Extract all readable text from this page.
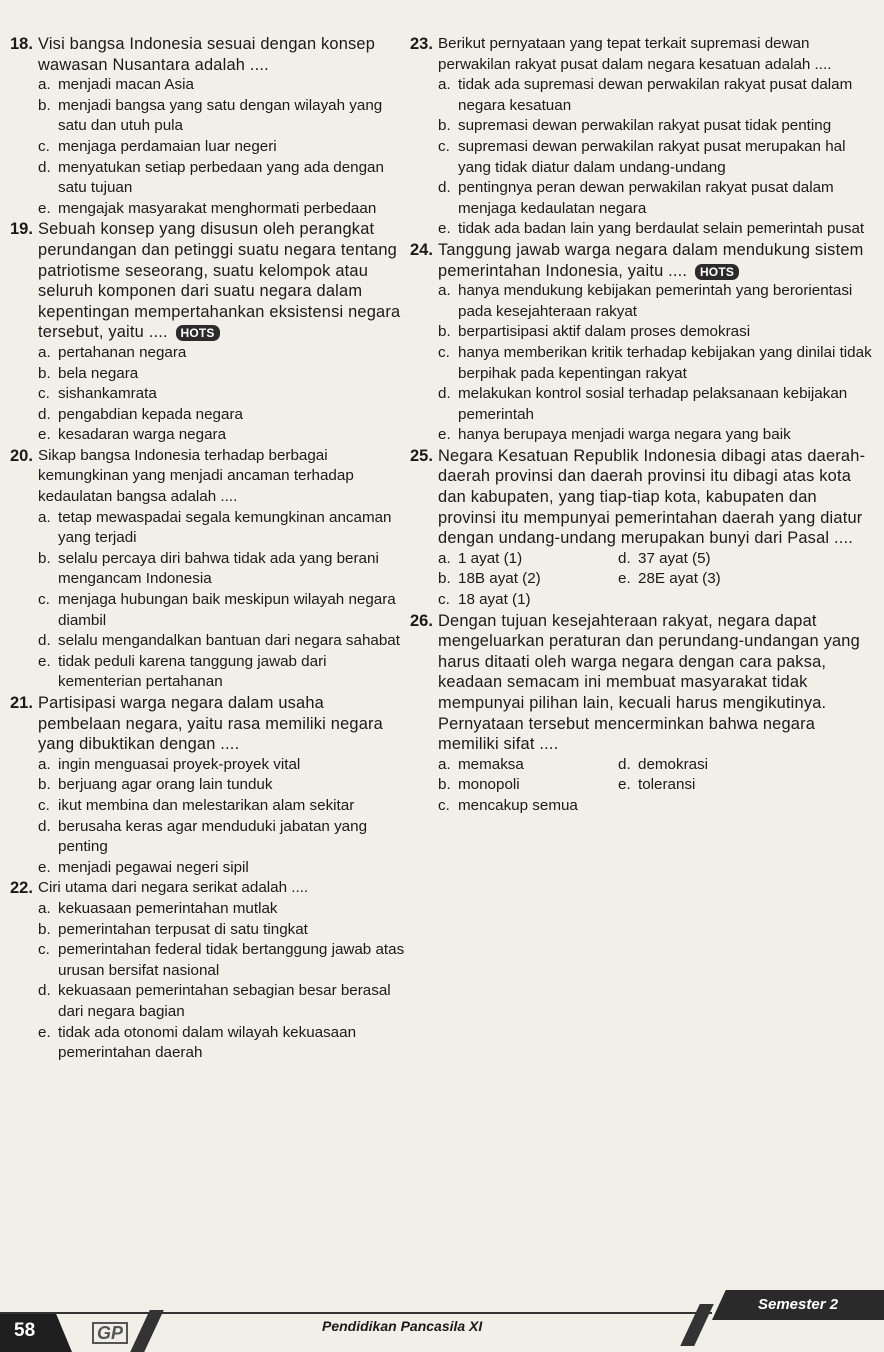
18. Visi bangsa Indonesia sesuai dengan konsep wawasan Nusantara adalah ....
a. menjadi macan Asia
b. menjadi bangsa yang satu dengan wilayah yang satu dan utuh pula
c. menjaga perdamaian luar negeri
d. menyatukan setiap perbedaan yang ada dengan satu tujuan
e. mengajak masyarakat menghormati perbedaan
19. Sebuah konsep yang disusun oleh perangkat perundangan dan petinggi suatu negara tentang patriotisme seseorang, suatu kelompok atau seluruh komponen dari suatu negara dalam kepentingan mempertahankan eksistensi negara tersebut, yaitu .... HOTS
a. pertahanan negara
b. bela negara
c. sishankamrata
d. pengabdian kepada negara
e. kesadaran warga negara
20. Sikap bangsa Indonesia terhadap berbagai kemungkinan yang menjadi ancaman terhadap kedaulatan bangsa adalah ....
a. tetap mewaspadai segala kemungkinan ancaman yang terjadi
b. selalu percaya diri bahwa tidak ada yang berani mengancam Indonesia
c. menjaga hubungan baik meskipun wilayah negara diambil
d. selalu mengandalkan bantuan dari negara sahabat
e. tidak peduli karena tanggung jawab dari kementerian pertahanan
21. Partisipasi warga negara dalam usaha pembelaan negara, yaitu rasa memiliki negara yang dibuktikan dengan ....
a. ingin menguasai proyek-proyek vital
b. berjuang agar orang lain tunduk
c. ikut membina dan melestarikan alam sekitar
d. berusaha keras agar menduduki jabatan yang penting
e. menjadi pegawai negeri sipil
22. Ciri utama dari negara serikat adalah ....
a. kekuasaan pemerintahan mutlak
b. pemerintahan terpusat di satu tingkat
c. pemerintahan federal tidak bertanggung jawab atas urusan bersifat nasional
d. kekuasaan pemerintahan sebagian besar berasal dari negara bagian
e. tidak ada otonomi dalam wilayah kekuasaan pemerintahan daerah
23. Berikut pernyataan yang tepat terkait supremasi dewan perwakilan rakyat pusat dalam negara kesatuan adalah ....
a. tidak ada supremasi dewan perwakilan rakyat pusat dalam negara kesatuan
b. supremasi dewan perwakilan rakyat pusat tidak penting
c. supremasi dewan perwakilan rakyat pusat merupakan hal yang tidak diatur dalam undang-undang
d. pentingnya peran dewan perwakilan rakyat pusat dalam menjaga kedaulatan negara
e. tidak ada badan lain yang berdaulat selain pemerintah pusat
24. Tanggung jawab warga negara dalam mendukung sistem pemerintahan Indonesia, yaitu .... HOTS
a. hanya mendukung kebijakan pemerintah yang berorientasi pada kesejahteraan rakyat
b. berpartisipasi aktif dalam proses demokrasi
c. hanya memberikan kritik terhadap kebijakan yang dinilai tidak berpihak pada kepentingan rakyat
d. melakukan kontrol sosial terhadap pelaksanaan kebijakan pemerintah
e. hanya berupaya menjadi warga negara yang baik
25. Negara Kesatuan Republik Indonesia dibagi atas daerah-daerah provinsi dan daerah provinsi itu dibagi atas kota dan kabupaten, yang tiap-tiap kota, kabupaten dan provinsi itu mempunyai pemerintahan daerah yang diatur dengan undang-undang merupakan bunyi dari Pasal ....
a. 1 ayat (1)	d. 37 ayat (5)
b. 18B ayat (2)	e. 28E ayat (3)
c. 18 ayat (1)
26. Dengan tujuan kesejahteraan rakyat, negara dapat mengeluarkan peraturan dan perundang-undangan yang harus ditaati oleh warga negara dengan cara paksa, keadaan semacam ini membuat masyarakat tidak mempunyai pilihan lain, kecuali harus mengikutinya. Pernyataan tersebut mencerminkan bahwa negara memiliki sifat ....
a. memaksa	d. demokrasi
b. monopoli	e. toleransi
c. mencakup semua
58	GP	Pendidikan Pancasila XI
Semester 2
